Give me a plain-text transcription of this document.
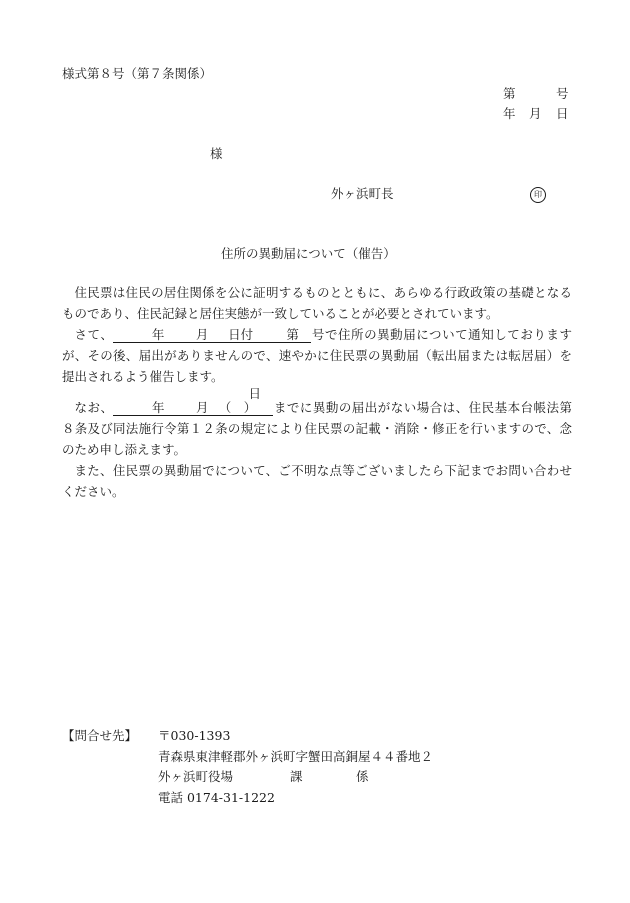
様式第８号（第７条関係）
第	号
年 月 日
様
外ヶ浜町長	印
住所の異動届について（催告）

住民票は住民の居住関係を公に証明するものとともに、あらゆる行政政策の基礎となるものであり、住民記録と居住実態が一致していることが必要とされています。

さて、	年	月 日付	第 号で住所の異動届について通知しておりますが、その後、届出がありませんので、速やかに住民票の異動届（転出届または転居届）を提出されるよう催告します。

なお、	年	月日（　） までに異動の届出がない場合は、住民基本台帳法第８条及び同法施行令第１２条の規定により住民票の記載・消除・修正を行いますので、念のため申し添えます。

また、住民票の異動届でについて、ご不明な点等ございましたら下記までお問い合わせください。

【問合せ先】	〒030-1393
青森県東津軽郡外ヶ浜町字蟹田高銅屋４４番地２
外ヶ浜町役場	課	係
電話 0174-31-1222
